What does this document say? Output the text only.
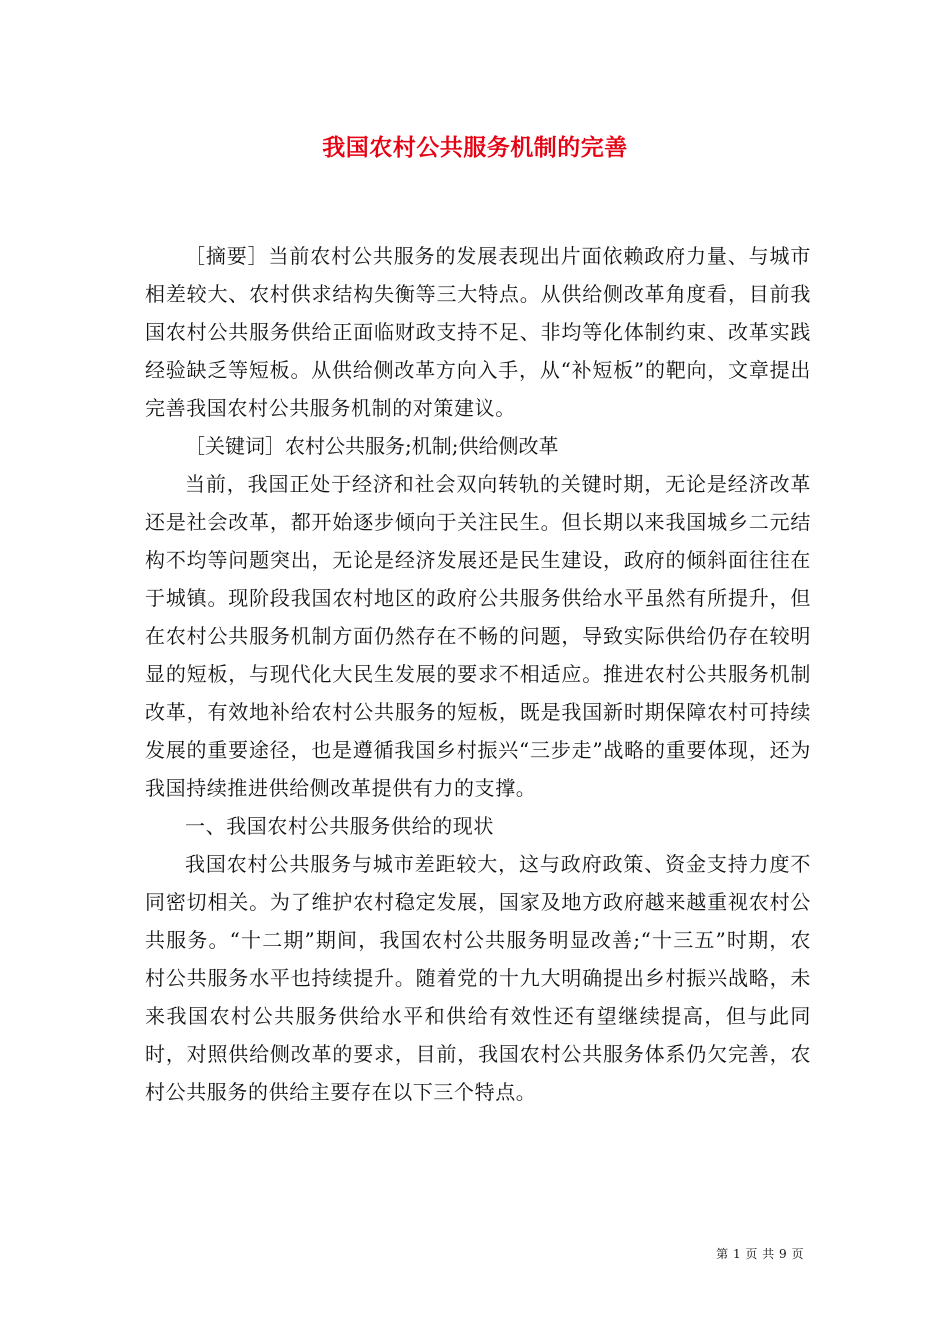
我国农村公共服务机制的完善

［摘要］当前农村公共服务的发展表现出片面依赖政府力量、与城市相差较大、农村供求结构失衡等三大特点。从供给侧改革角度看，目前我国农村公共服务供给正面临财政支持不足、非均等化体制约束、改革实践经验缺乏等短板。从供给侧改革方向入手，从“补短板”的靶向，文章提出完善我国农村公共服务机制的对策建议。

［关键词］农村公共服务;机制;供给侧改革

当前，我国正处于经济和社会双向转轨的关键时期，无论是经济改革还是社会改革，都开始逐步倾向于关注民生。但长期以来我国城乡二元结构不均等问题突出，无论是经济发展还是民生建设，政府的倾斜面往往在于城镇。现阶段我国农村地区的政府公共服务供给水平虽然有所提升，但在农村公共服务机制方面仍然存在不畅的问题，导致实际供给仍存在较明显的短板，与现代化大民生发展的要求不相适应。推进农村公共服务机制改革，有效地补给农村公共服务的短板，既是我国新时期保障农村可持续发展的重要途径，也是遵循我国乡村振兴“三步走”战略的重要体现，还为我国持续推进供给侧改革提供有力的支撑。

一、我国农村公共服务供给的现状

我国农村公共服务与城市差距较大，这与政府政策、资金支持力度不同密切相关。为了维护农村稳定发展，国家及地方政府越来越重视农村公共服务。“十二期”期间，我国农村公共服务明显改善;“十三五”时期，农村公共服务水平也持续提升。随着党的十九大明确提出乡村振兴战略，未来我国农村公共服务供给水平和供给有效性还有望继续提高，但与此同时，对照供给侧改革的要求，目前，我国农村公共服务体系仍欠完善，农村公共服务的供给主要存在以下三个特点。

第 1 页 共 9 页
